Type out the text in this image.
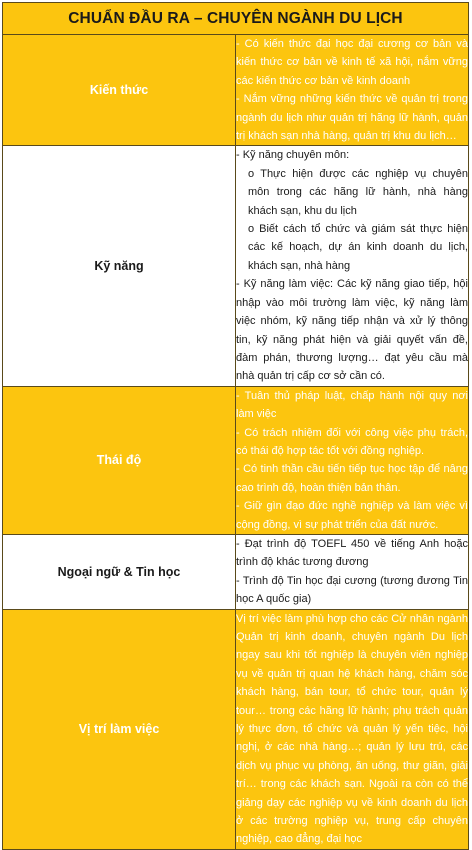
CHUẨN ĐẦU RA – CHUYÊN NGÀNH DU LỊCH	

Kiến thức	- Có kiến thức đại học đại cương cơ bản và kiến thức cơ bản về kinh tế xã hội, nắm vững các kiến thức cơ bản về kinh doanh
- Nắm vững những kiến thức về quản trị trong ngành du lịch như quản trị hãng lữ hành, quản trị khách sạn nhà hàng, quản trị khu du lịch…

Kỹ năng	- Kỹ năng chuyên môn:
o Thực hiện được các nghiệp vụ chuyên môn trong các hãng lữ hành, nhà hàng khách sạn, khu du lịch
o Biết cách tổ chức và giám sát thực hiện các kế hoạch, dự án kinh doanh du lịch, khách sạn, nhà hàng
- Kỹ năng làm việc: Các kỹ năng giao tiếp, hội nhập vào môi trường làm việc, kỹ năng làm việc nhóm, kỹ năng tiếp nhận và xử lý thông tin, kỹ năng phát hiện và giải quyết vấn đề, đàm phán, thương lượng… đạt yêu cầu mà nhà quản trị cấp cơ sở cần có.

Thái độ	- Tuân thủ pháp luật, chấp hành nội quy nơi làm việc
- Có trách nhiệm đối với công việc phụ trách, có thái độ hợp tác tốt với đồng nghiệp.
- Có tinh thần cầu tiến tiếp tục học tập để nâng cao trình độ, hoàn thiện bản thân.
- Giữ gìn đạo đức nghề nghiệp và làm việc vì cộng đồng, vì sự phát triển của đất nước.

Ngoại ngữ & Tin học	- Đạt trình độ TOEFL 450 về tiếng Anh hoặc trình độ khác tương đương
- Trình độ Tin học đại cương (tương đương Tin học A quốc gia)

Vị trí làm việc	Vị trí việc làm phù hợp cho các Cử nhân ngành Quản trị kinh doanh, chuyên ngành Du lịch ngay sau khi tốt nghiệp là chuyên viên nghiệp vụ về quản trị quan hệ khách hàng, chăm sóc khách hàng, bán tour, tổ chức tour, quản lý tour… trong các hãng lữ hành; phụ trách quản lý thực đơn, tổ chức và quản lý yến tiệc, hội nghị, ở các nhà hàng…; quản lý lưu trú, các dịch vụ phục vụ phòng, ăn uống, thư giãn, giải trí… trong các khách sạn. Ngoài ra còn có thể giảng dạy các nghiệp vụ về kinh doanh du lịch ở các trường nghiệp vụ, trung cấp chuyên nghiệp, cao đẳng, đại học
